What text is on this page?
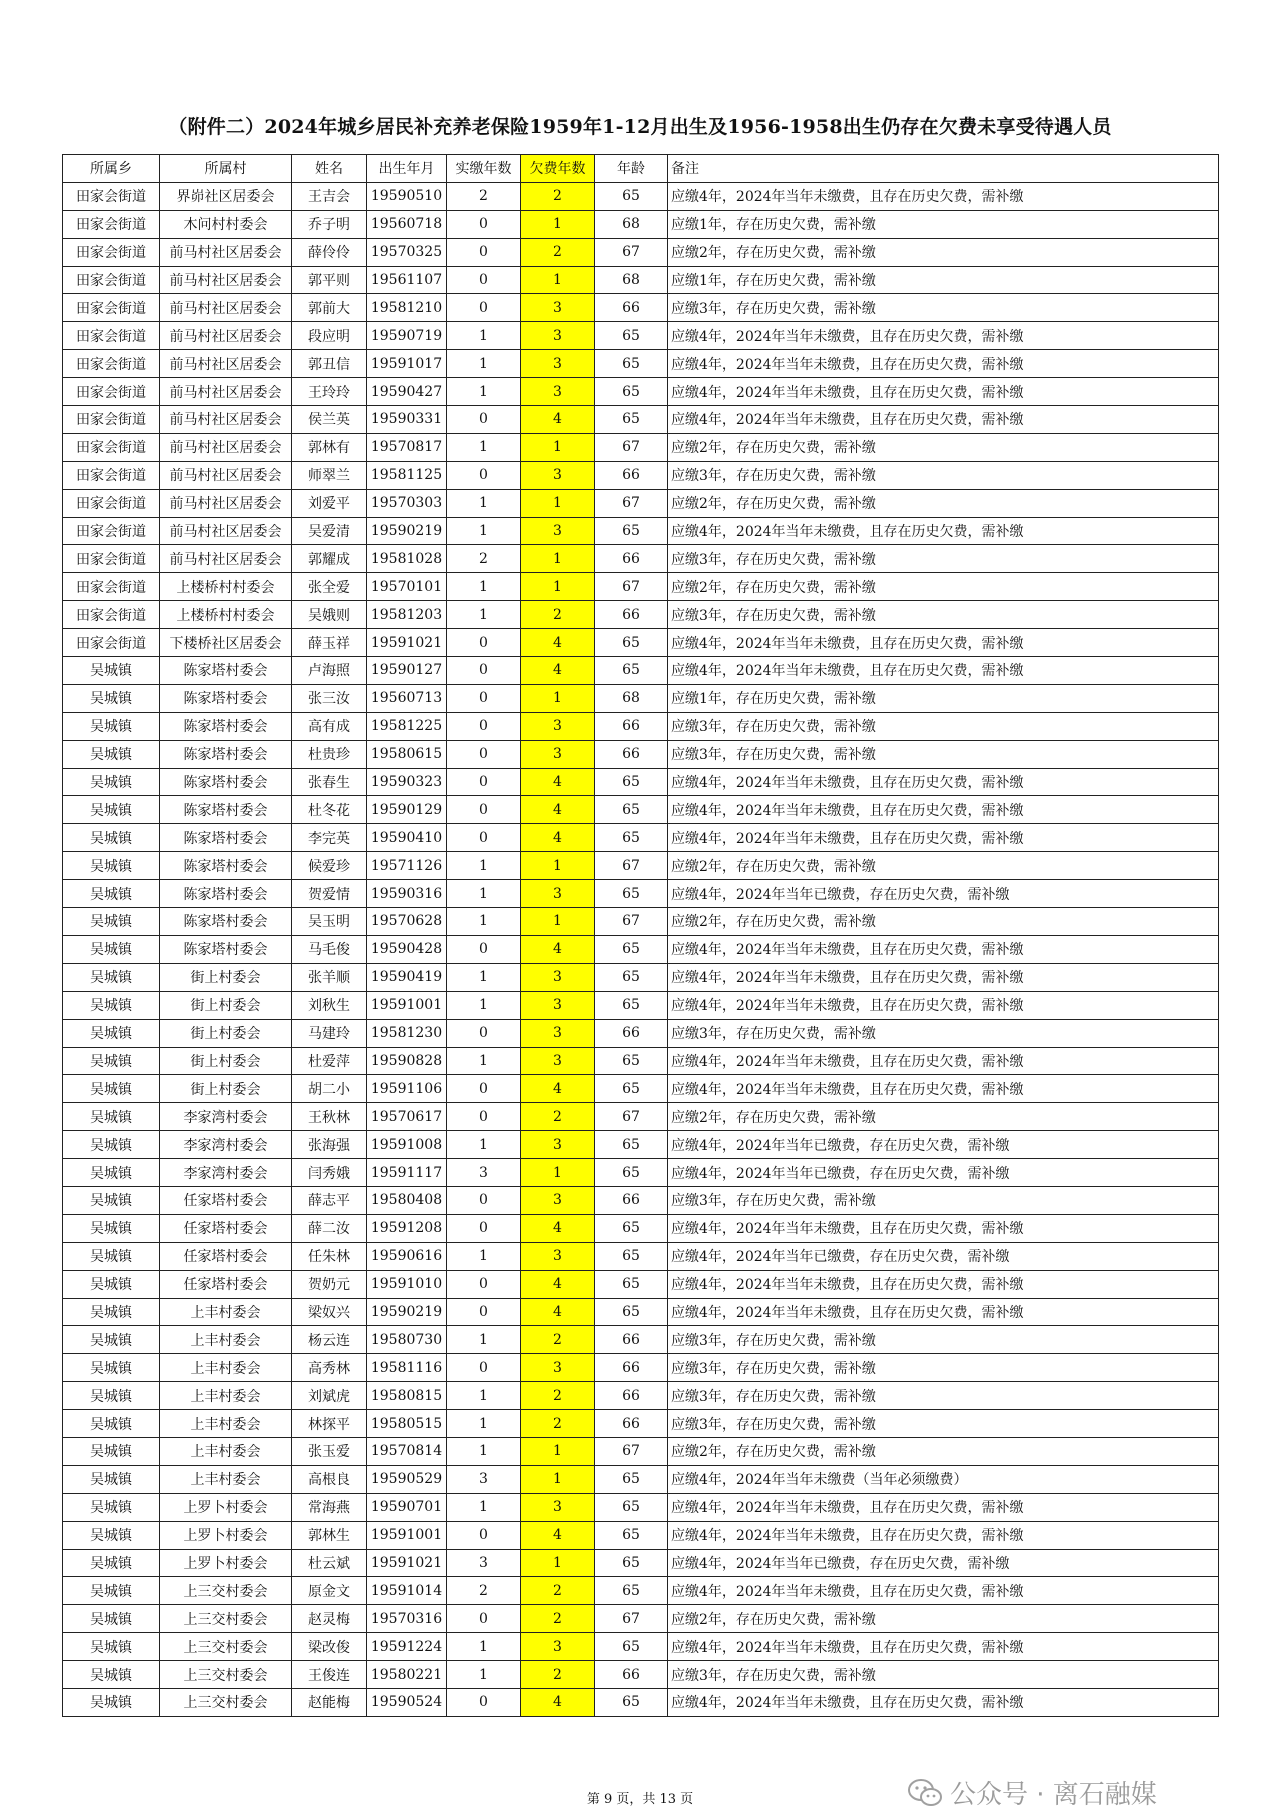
（附件二）2024年城乡居民补充养老保险1959年1-12月出生及1956-1958出生仍存在欠费未享受待遇人员
所属乡	所属村	姓名	出生年月	实缴年数	欠费年数	年龄	备注
田家会街道	界峁社区居委会	王吉会	19590510	2	2	65	应缴4年，2024年当年未缴费，且存在历史欠费，需补缴
田家会街道	木问村村委会	乔子明	19560718	0	1	68	应缴1年，存在历史欠费，需补缴
田家会街道	前马村社区居委会	薛伶伶	19570325	0	2	67	应缴2年，存在历史欠费，需补缴
田家会街道	前马村社区居委会	郭平则	19561107	0	1	68	应缴1年，存在历史欠费，需补缴
田家会街道	前马村社区居委会	郭前大	19581210	0	3	66	应缴3年，存在历史欠费，需补缴
田家会街道	前马村社区居委会	段应明	19590719	1	3	65	应缴4年，2024年当年未缴费，且存在历史欠费，需补缴
田家会街道	前马村社区居委会	郭丑信	19591017	1	3	65	应缴4年，2024年当年未缴费，且存在历史欠费，需补缴
田家会街道	前马村社区居委会	王玲玲	19590427	1	3	65	应缴4年，2024年当年未缴费，且存在历史欠费，需补缴
田家会街道	前马村社区居委会	侯兰英	19590331	0	4	65	应缴4年，2024年当年未缴费，且存在历史欠费，需补缴
田家会街道	前马村社区居委会	郭林有	19570817	1	1	67	应缴2年，存在历史欠费，需补缴
田家会街道	前马村社区居委会	师翠兰	19581125	0	3	66	应缴3年，存在历史欠费，需补缴
田家会街道	前马村社区居委会	刘爱平	19570303	1	1	67	应缴2年，存在历史欠费，需补缴
田家会街道	前马村社区居委会	吴爱清	19590219	1	3	65	应缴4年，2024年当年未缴费，且存在历史欠费，需补缴
田家会街道	前马村社区居委会	郭耀成	19581028	2	1	66	应缴3年，存在历史欠费，需补缴
田家会街道	上楼桥村村委会	张全爱	19570101	1	1	67	应缴2年，存在历史欠费，需补缴
田家会街道	上楼桥村村委会	吴娥则	19581203	1	2	66	应缴3年，存在历史欠费，需补缴
田家会街道	下楼桥社区居委会	薛玉祥	19591021	0	4	65	应缴4年，2024年当年未缴费，且存在历史欠费，需补缴
吴城镇	陈家塔村委会	卢海照	19590127	0	4	65	应缴4年，2024年当年未缴费，且存在历史欠费，需补缴
吴城镇	陈家塔村委会	张三汝	19560713	0	1	68	应缴1年，存在历史欠费，需补缴
吴城镇	陈家塔村委会	高有成	19581225	0	3	66	应缴3年，存在历史欠费，需补缴
吴城镇	陈家塔村委会	杜贵珍	19580615	0	3	66	应缴3年，存在历史欠费，需补缴
吴城镇	陈家塔村委会	张春生	19590323	0	4	65	应缴4年，2024年当年未缴费，且存在历史欠费，需补缴
吴城镇	陈家塔村委会	杜冬花	19590129	0	4	65	应缴4年，2024年当年未缴费，且存在历史欠费，需补缴
吴城镇	陈家塔村委会	李完英	19590410	0	4	65	应缴4年，2024年当年未缴费，且存在历史欠费，需补缴
吴城镇	陈家塔村委会	候爱珍	19571126	1	1	67	应缴2年，存在历史欠费，需补缴
吴城镇	陈家塔村委会	贺爱情	19590316	1	3	65	应缴4年，2024年当年已缴费，存在历史欠费，需补缴
吴城镇	陈家塔村委会	吴玉明	19570628	1	1	67	应缴2年，存在历史欠费，需补缴
吴城镇	陈家塔村委会	马毛俊	19590428	0	4	65	应缴4年，2024年当年未缴费，且存在历史欠费，需补缴
吴城镇	街上村委会	张羊顺	19590419	1	3	65	应缴4年，2024年当年未缴费，且存在历史欠费，需补缴
吴城镇	街上村委会	刘秋生	19591001	1	3	65	应缴4年，2024年当年未缴费，且存在历史欠费，需补缴
吴城镇	街上村委会	马建玲	19581230	0	3	66	应缴3年，存在历史欠费，需补缴
吴城镇	街上村委会	杜爱萍	19590828	1	3	65	应缴4年，2024年当年未缴费，且存在历史欠费，需补缴
吴城镇	街上村委会	胡二小	19591106	0	4	65	应缴4年，2024年当年未缴费，且存在历史欠费，需补缴
吴城镇	李家湾村委会	王秋林	19570617	0	2	67	应缴2年，存在历史欠费，需补缴
吴城镇	李家湾村委会	张海强	19591008	1	3	65	应缴4年，2024年当年已缴费，存在历史欠费，需补缴
吴城镇	李家湾村委会	闫秀娥	19591117	3	1	65	应缴4年，2024年当年已缴费，存在历史欠费，需补缴
吴城镇	任家塔村委会	薛志平	19580408	0	3	66	应缴3年，存在历史欠费，需补缴
吴城镇	任家塔村委会	薛二汝	19591208	0	4	65	应缴4年，2024年当年未缴费，且存在历史欠费，需补缴
吴城镇	任家塔村委会	任朱林	19590616	1	3	65	应缴4年，2024年当年已缴费，存在历史欠费，需补缴
吴城镇	任家塔村委会	贺奶元	19591010	0	4	65	应缴4年，2024年当年未缴费，且存在历史欠费，需补缴
吴城镇	上丰村委会	梁奴兴	19590219	0	4	65	应缴4年，2024年当年未缴费，且存在历史欠费，需补缴
吴城镇	上丰村委会	杨云连	19580730	1	2	66	应缴3年，存在历史欠费，需补缴
吴城镇	上丰村委会	高秀林	19581116	0	3	66	应缴3年，存在历史欠费，需补缴
吴城镇	上丰村委会	刘斌虎	19580815	1	2	66	应缴3年，存在历史欠费，需补缴
吴城镇	上丰村委会	林探平	19580515	1	2	66	应缴3年，存在历史欠费，需补缴
吴城镇	上丰村委会	张玉爱	19570814	1	1	67	应缴2年，存在历史欠费，需补缴
吴城镇	上丰村委会	高根良	19590529	3	1	65	应缴4年，2024年当年未缴费（当年必须缴费）
吴城镇	上罗卜村委会	常海燕	19590701	1	3	65	应缴4年，2024年当年未缴费，且存在历史欠费，需补缴
吴城镇	上罗卜村委会	郭林生	19591001	0	4	65	应缴4年，2024年当年未缴费，且存在历史欠费，需补缴
吴城镇	上罗卜村委会	杜云斌	19591021	3	1	65	应缴4年，2024年当年已缴费，存在历史欠费，需补缴
吴城镇	上三交村委会	原金文	19591014	2	2	65	应缴4年，2024年当年未缴费，且存在历史欠费，需补缴
吴城镇	上三交村委会	赵灵梅	19570316	0	2	67	应缴2年，存在历史欠费，需补缴
吴城镇	上三交村委会	梁改俊	19591224	1	3	65	应缴4年，2024年当年未缴费，且存在历史欠费，需补缴
吴城镇	上三交村委会	王俊连	19580221	1	2	66	应缴3年，存在历史欠费，需补缴
吴城镇	上三交村委会	赵能梅	19590524	0	4	65	应缴4年，2024年当年未缴费，且存在历史欠费，需补缴
第 9 页，共 13 页	公众号 · 离石融媒
